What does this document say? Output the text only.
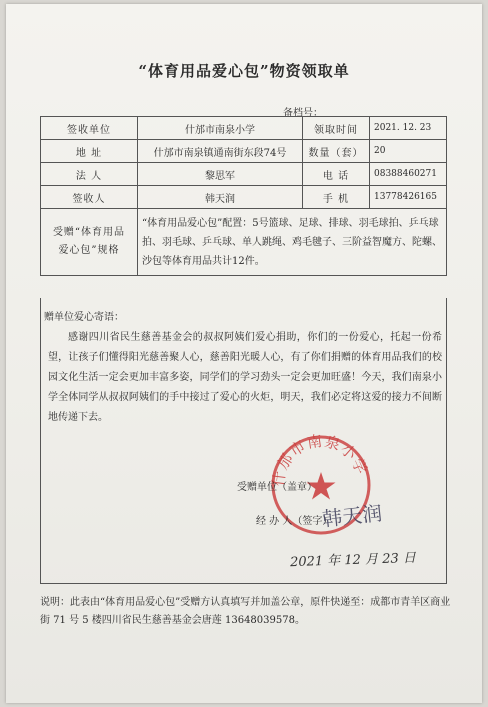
“体育用品爱心包”物资领取单
备档号：
签收单位	什邡市南泉小学	领取时间	2021. 12. 23
地 址	什邡市南泉镇通南街东段74号	数量（套）	20
法 人	黎思军	电 话	08388460271
签收人	韩天润	手 机	13778426165

受赠“体育用品
爱心包”规格	“体育用品爱心包”配置：5号篮球、足球、排球、羽毛球拍、乒乓球拍、羽毛球、乒乓球、单人跳绳、鸡毛毽子、三阶益智魔方、陀螺、沙包等体育用品共计12件。		
赠单位爱心寄语：
感谢四川省民生慈善基金会的叔叔阿姨们爱心捐助，你们的一份爱心，托起一份希望，让孩子们懂得阳光慈善聚人心，慈善阳光暖人心，有了你们捐赠的体育用品我们的校园文化生活一定会更加丰富多姿，同学们的学习劲头一定会更加旺盛！今天，我们南泉小学全体同学从叔叔阿姨们的手中接过了爱心的火炬，明天，我们必定将这爱的接力不间断地传递下去。
什邡市南泉小学
受赠单位（盖章）
经 办 人（签字）
韩天润
2021 年 12 月 23 日
说明：此表由“体育用品爱心包”受赠方认真填写并加盖公章，原件快递至：成都市青羊区商业街 71 号 5 楼四川省民生慈善基金会唐莲 13648039578。
